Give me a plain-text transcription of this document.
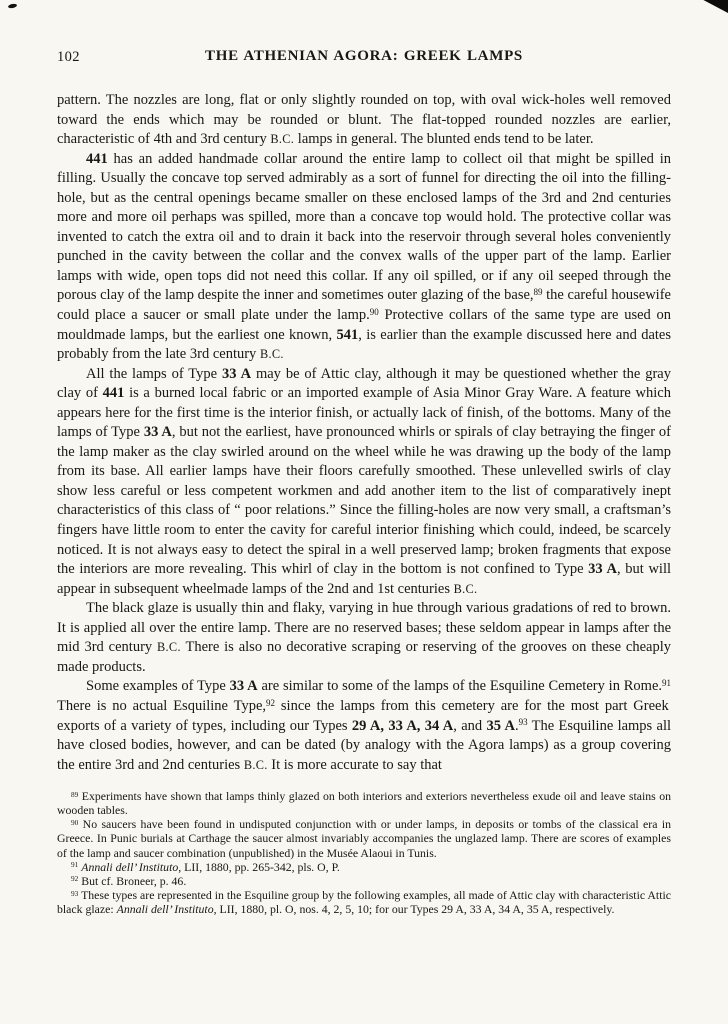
102	THE ATHENIAN AGORA: GREEK LAMPS

pattern. The nozzles are long, flat or only slightly rounded on top, with oval wick-holes well removed toward the ends which may be rounded or blunt. The flat-topped rounded nozzles are earlier, characteristic of 4th and 3rd century B.C. lamps in general. The blunted ends tend to be later.

441 has an added handmade collar around the entire lamp to collect oil that might be spilled in filling. Usually the concave top served admirably as a sort of funnel for directing the oil into the filling-hole, but as the central openings became smaller on these enclosed lamps of the 3rd and 2nd centuries more and more oil perhaps was spilled, more than a concave top would hold. The protective collar was invented to catch the extra oil and to drain it back into the reservoir through several holes conveniently punched in the cavity between the collar and the convex walls of the upper part of the lamp. Earlier lamps with wide, open tops did not need this collar. If any oil spilled, or if any oil seeped through the porous clay of the lamp despite the inner and sometimes outer glazing of the base,$^{89}$ the careful housewife could place a saucer or small plate under the lamp.$^{90}$ Protective collars of the same type are used on mouldmade lamps, but the earliest one known, 541, is earlier than the example discussed here and dates probably from the late 3rd century B.C.

All the lamps of Type 33 A may be of Attic clay, although it may be questioned whether the gray clay of 441 is a burned local fabric or an imported example of Asia Minor Gray Ware. A feature which appears here for the first time is the interior finish, or actually lack of finish, of the bottoms. Many of the lamps of Type 33 A, but not the earliest, have pronounced whirls or spirals of clay betraying the finger of the lamp maker as the clay swirled around on the wheel while he was drawing up the body of the lamp from its base. All earlier lamps have their floors carefully smoothed. These unlevelled swirls of clay show less careful or less competent workmen and add another item to the list of comparatively inept characteristics of this class of “ poor relations.” Since the filling-holes are now very small, a craftsman’s fingers have little room to enter the cavity for careful interior finishing which could, indeed, be scarcely noticed. It is not always easy to detect the spiral in a well preserved lamp; broken fragments that expose the interiors are more revealing. This whirl of clay in the bottom is not confined to Type 33 A, but will appear in subsequent wheelmade lamps of the 2nd and 1st centuries B.C.

The black glaze is usually thin and flaky, varying in hue through various gradations of red to brown. It is applied all over the entire lamp. There are no reserved bases; these seldom appear in lamps after the mid 3rd century B.C. There is also no decorative scraping or reserving of the grooves on these cheaply made products.

Some examples of Type 33 A are similar to some of the lamps of the Esquiline Cemetery in Rome.$^{91}$ There is no actual Esquiline Type,$^{92}$ since the lamps from this cemetery are for the most part Greek exports of a variety of types, including our Types 29 A, 33 A, 34 A, and 35 A.$^{93}$ The Esquiline lamps all have closed bodies, however, and can be dated (by analogy with the Agora lamps) as a group covering the entire 3rd and 2nd centuries B.C. It is more accurate to say that

$^{89}$ Experiments have shown that lamps thinly glazed on both interiors and exteriors nevertheless exude oil and leave stains on wooden tables.

$^{90}$ No saucers have been found in undisputed conjunction with or under lamps, in deposits or tombs of the classical era in Greece. In Punic burials at Carthage the saucer almost invariably accompanies the unglazed lamp. There are scores of examples of the lamp and saucer combination (unpublished) in the Musée Alaoui in Tunis.

$^{91}$ Annali dell’ Instituto, LII, 1880, pp. 265-342, pls. O, P.

$^{92}$ But cf. Broneer, p. 46.

$^{93}$ These types are represented in the Esquiline group by the following examples, all made of Attic clay with characteristic Attic black glaze: Annali dell’ Instituto, LII, 1880, pl. O, nos. 4, 2, 5, 10; for our Types 29 A, 33 A, 34 A, 35 A, respectively.
